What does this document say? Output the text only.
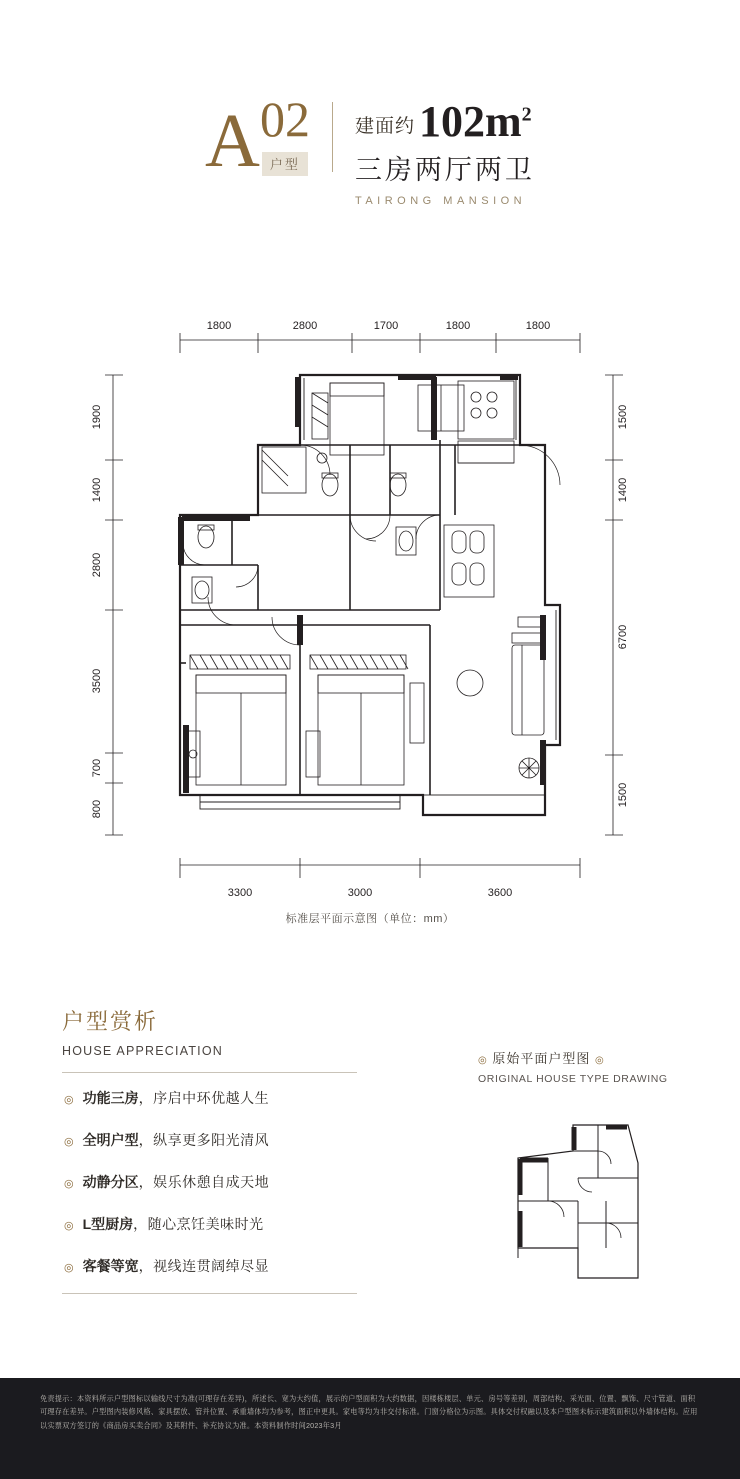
A 02
户型
建面约 $102m^2$
三房两厅两卫
TAIRONG MANSION
1800	2800	1700	1800	1800
3300	3000	3600
1900
1400
2800
3500
700
800
1500
1400
6700
1500
标准层平面示意图（单位：mm）
户型赏析
HOUSE APPRECIATION
◎ 功能三房，序启中环优越人生
◎ 全明户型，纵享更多阳光清风
◎ 动静分区，娱乐休憩自成天地
◎ L型厨房，随心烹饪美味时光
◎ 客餐等宽，视线连贯阔绰尽显
◎ 原始平面户型图 ◎
ORIGINAL HOUSE TYPE DRAWING
免责提示：本资料所示户型图标以输线尺寸为准(可理存在差异)，所述长、宽为大约值，展示的户型面积为大约数据，因楼栋楼层、单元、房号等差别，周部结构、采光面、位置、飘饰、尺寸管道、面积可理存在差异。户型图内装修风格、家具摆放、管并位置、承重墙体均为参考，图正中更具。家电等均为非交付标准。门窗分格位为示图。具体交付权融以及本户型图未标示建筑面积以外墙体结构。应用以实票双方签订的《商品房买卖合同》及其附件、补充协议为准。本资料制作时间2023年3月
